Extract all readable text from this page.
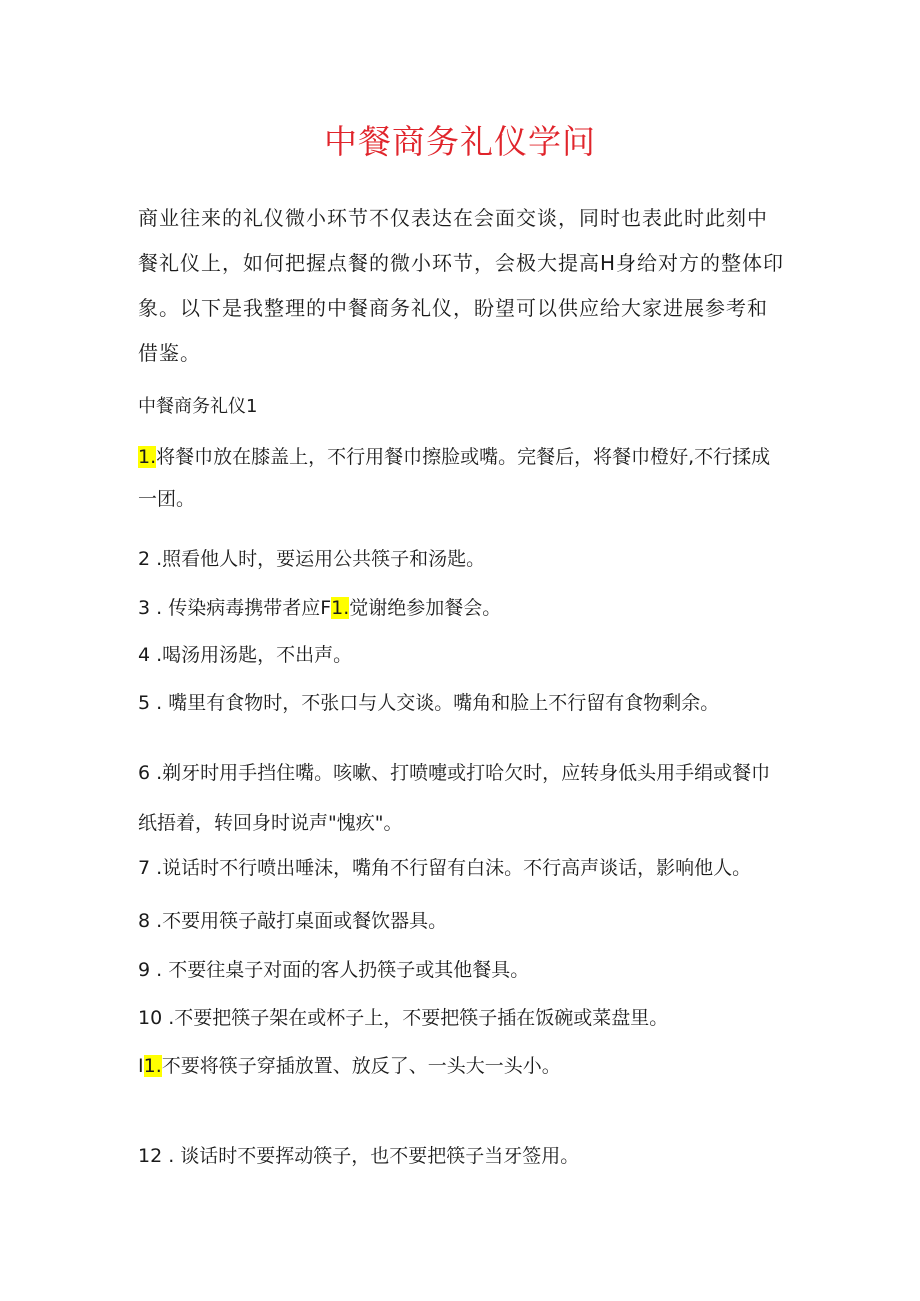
中餐商务礼仪学问

商业往来的礼仪微小环节不仅表达在会面交谈，同时也表此时此刻中餐礼仪上，如何把握点餐的微小环节，会极大提高H身给对方的整体印象。以下是我整理的中餐商务礼仪，盼望可以供应给大家进展参考和借鉴。

中餐商务礼仪1

1.将餐巾放在膝盖上，不行用餐巾擦脸或嘴。完餐后，将餐巾橙好,不行揉成一团。

2 .照看他人时，要运用公共筷子和汤匙。

3 . 传染病毒携带者应F1.觉谢绝参加餐会。

4 .喝汤用汤匙，不出声。

5 . 嘴里有食物时，不张口与人交谈。嘴角和脸上不行留有食物剩余。

6 .剃牙时用手挡住嘴。咳嗽、打喷嚏或打哈欠时，应转身低头用手绢或餐巾纸捂着，转回身时说声"愧疚"。

7 .说话时不行喷出唾沫，嘴角不行留有白沫。不行高声谈话，影响他人。

8 .不要用筷子敲打桌面或餐饮器具。

9 . 不要往桌子对面的客人扔筷子或其他餐具。

10 .不要把筷子架在或杯子上，不要把筷子插在饭碗或菜盘里。

I1.不要将筷子穿插放置、放反了、一头大一头小。

12 . 谈话时不要挥动筷子，也不要把筷子当牙签用。
